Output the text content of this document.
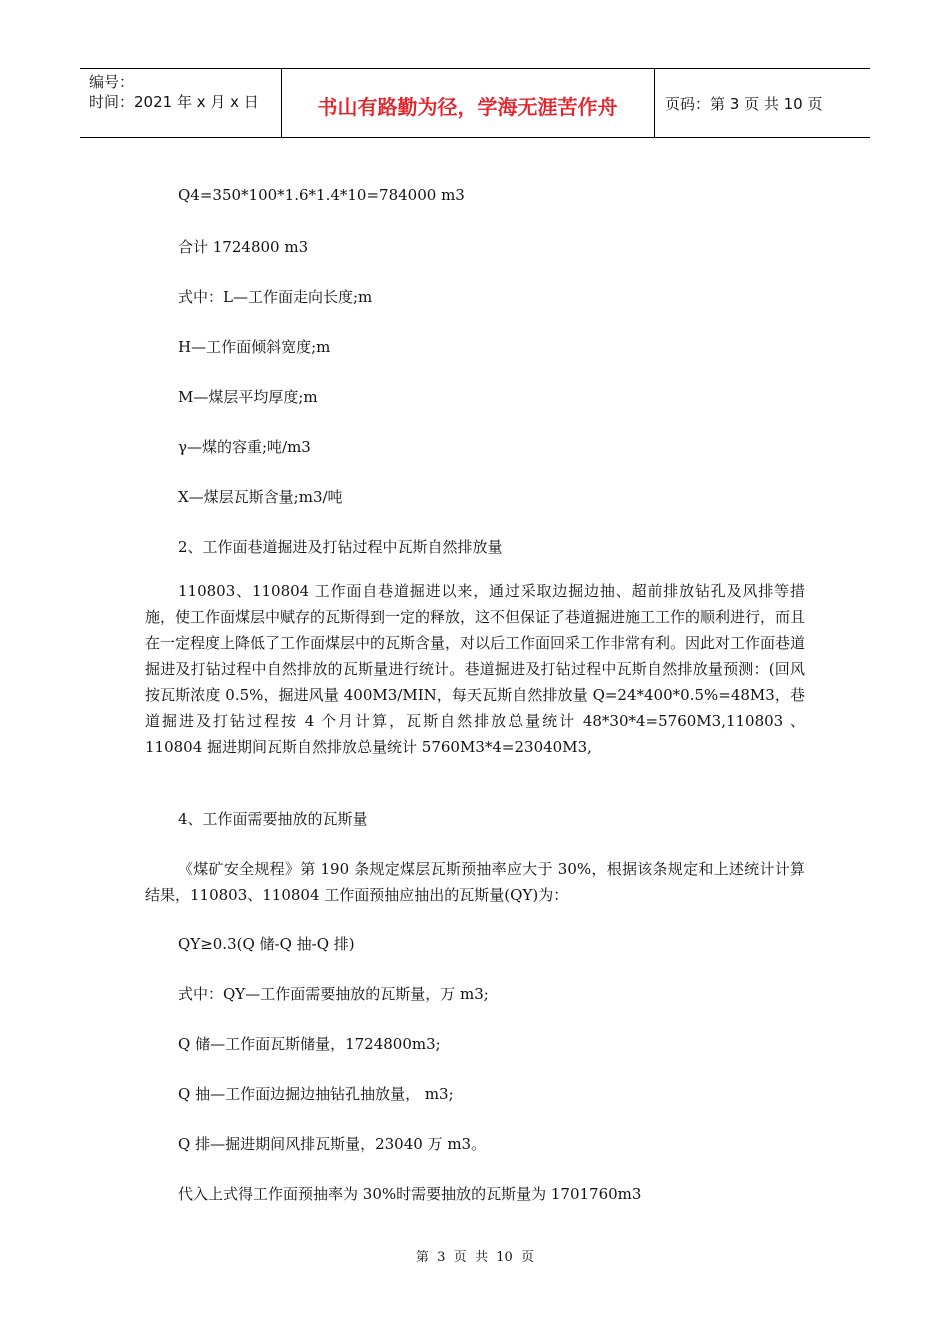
编号：
时间：2021 年 x 月 x 日	书山有路勤为径，学海无涯苦作舟	页码：第 3 页 共 10 页
Q4=350*100*1.6*1.4*10=784000 m3
合计 1724800 m3
式中：L—工作面走向长度;m
H—工作面倾斜宽度;m
M—煤层平均厚度;m
γ—煤的容重;吨/m3
X—煤层瓦斯含量;m3/吨
2、工作面巷道掘进及打钻过程中瓦斯自然排放量
110803、110804 工作面自巷道掘进以来，通过采取边掘边抽、超前排放钻孔及风排等措施，使工作面煤层中赋存的瓦斯得到一定的释放，这不但保证了巷道掘进施工工作的顺利进行，而且在一定程度上降低了工作面煤层中的瓦斯含量，对以后工作面回采工作非常有利。因此对工作面巷道掘进及打钻过程中自然排放的瓦斯量进行统计。巷道掘进及打钻过程中瓦斯自然排放量预测：(回风按瓦斯浓度 0.5%，掘进风量 400M3/MIN，每天瓦斯自然排放量 Q=24*400*0.5%=48M3，巷道掘进及打钻过程按 4 个月计算，瓦斯自然排放总量统计 48*30*4=5760M3,110803 、110804 掘进期间瓦斯自然排放总量统计 5760M3*4=23040M3,
4、工作面需要抽放的瓦斯量
《煤矿安全规程》第 190 条规定煤层瓦斯预抽率应大于 30%，根据该条规定和上述统计计算结果，110803、110804 工作面预抽应抽出的瓦斯量(QY)为：
QY≥0.3(Q 储-Q 抽-Q 排)
式中：QY—工作面需要抽放的瓦斯量，万 m3;
Q 储—工作面瓦斯储量，1724800m3;
Q 抽—工作面边掘边抽钻孔抽放量， m3;
Q 排—掘进期间风排瓦斯量，23040 万 m3。
代入上式得工作面预抽率为 30%时需要抽放的瓦斯量为 1701760m3
第  3  页  共  10  页
